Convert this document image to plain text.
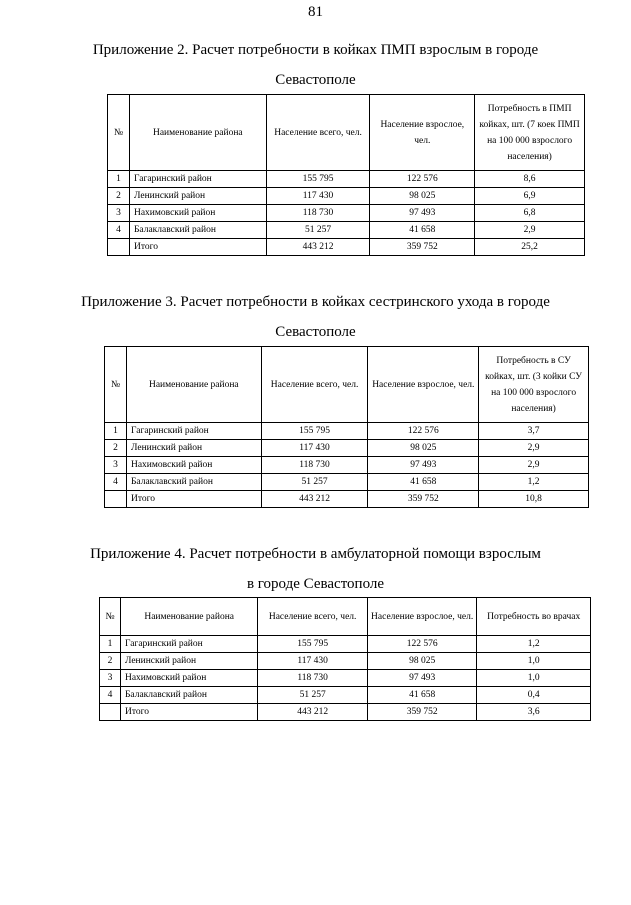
81
Приложение 2. Расчет потребности в койках ПМП взрослым в городе
Севастополе
№	Наименование района	Население всего, чел.	Население взрослое, чел.	Потребность в ПМП койках, шт. (7 коек ПМП на 100 000 взрослого населения)
1	Гагаринский район	155 795	122 576	8,6
2	Ленинский район	117 430	98 025	6,9
3	Нахимовский район	118 730	97 493	6,8
4	Балаклавский район	51 257	41 658	2,9
	Итого	443 212	359 752	25,2
Приложение 3. Расчет потребности в койках сестринского ухода в городе
Севастополе
№	Наименование района	Население всего, чел.	Население взрослое, чел.	Потребность в СУ койках, шт. (3 койки СУ на 100 000 взрослого населения)
1	Гагаринский район	155 795	122 576	3,7
2	Ленинский район	117 430	98 025	2,9
3	Нахимовский район	118 730	97 493	2,9
4	Балаклавский район	51 257	41 658	1,2
	Итого	443 212	359 752	10,8
Приложение 4. Расчет потребности в амбулаторной помощи взрослым
в городе Севастополе
№	Наименование района	Население всего, чел.	Население взрослое, чел.	Потребность во врачах
1	Гагаринский район	155 795	122 576	1,2
2	Ленинский район	117 430	98 025	1,0
3	Нахимовский район	118 730	97 493	1,0
4	Балаклавский район	51 257	41 658	0,4
	Итого	443 212	359 752	3,6
